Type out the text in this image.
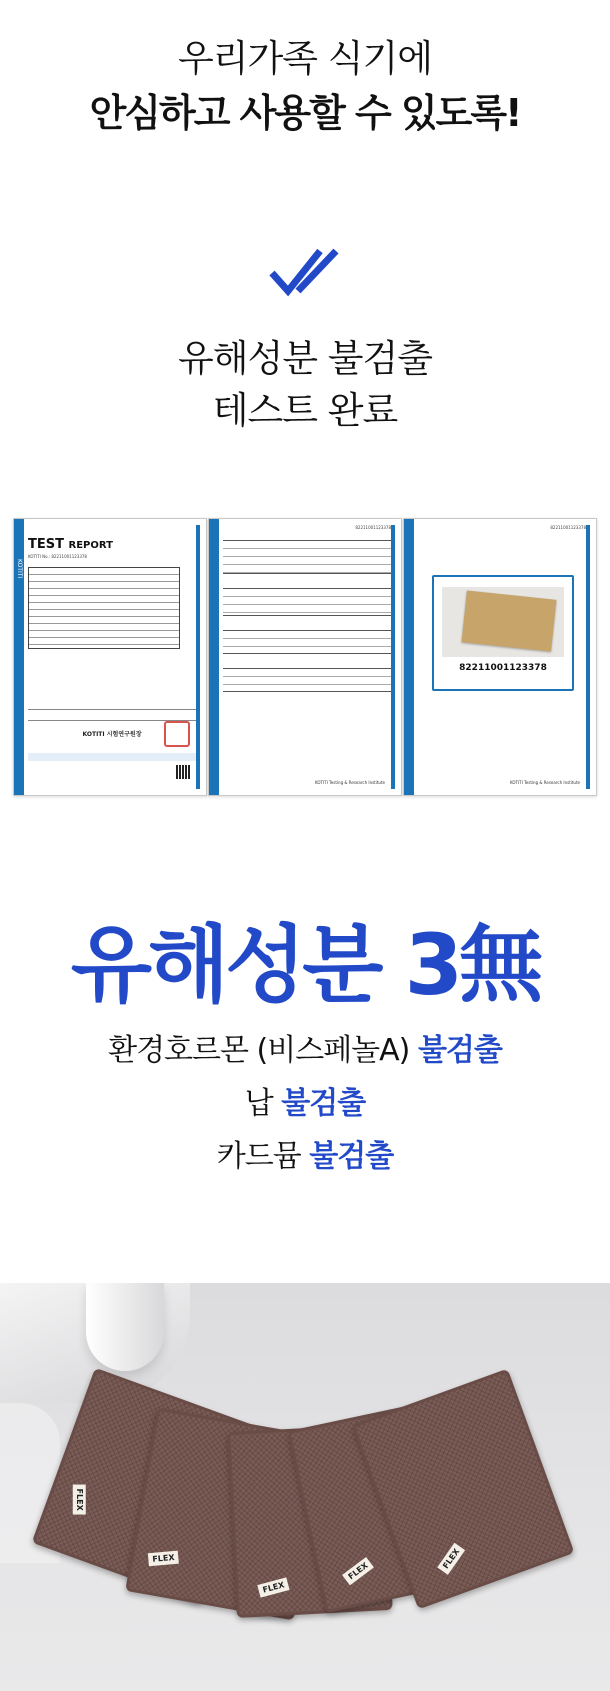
우리가족 식기에
안심하고 사용할 수 있도록!
유해성분 불검출
테스트 완료
KOTITI
TEST REPORT
KOTITI No.: 82211001123378
KOTITI 시험연구원장
82211001123378
KOTITI Testing & Research Institute
82211001123378
82211001123378
KOTITI Testing & Research Institute
유해성분 3無
환경호르몬 (비스페놀A) 불검출
납 불검출
카드뮴 불검출
FLEX
FLEX
FLEX
FLEX
FLEX
